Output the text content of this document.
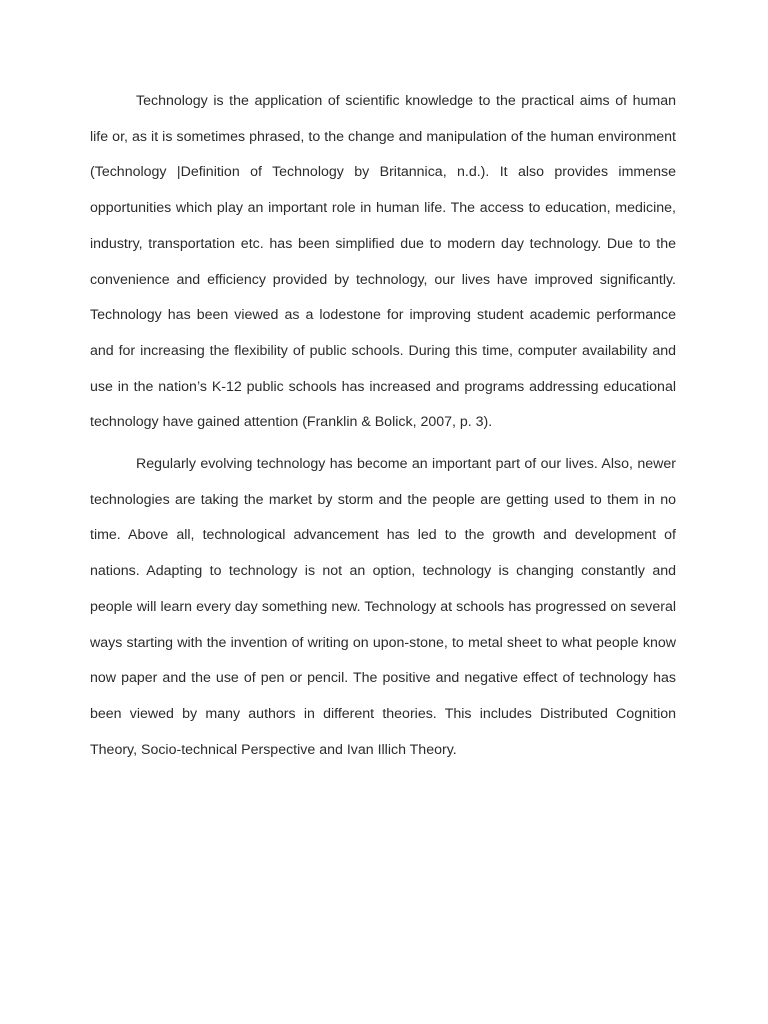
Technology is the application of scientific knowledge to the practical aims of human life or, as it is sometimes phrased, to the change and manipulation of the human environment (Technology |Definition of Technology by Britannica, n.d.). It also provides immense opportunities which play an important role in human life. The access to education, medicine, industry, transportation etc. has been simplified due to modern day technology. Due to the convenience and efficiency provided by technology, our lives have improved significantly. Technology has been viewed as a lodestone for improving student academic performance and for increasing the flexibility of public schools. During this time, computer availability and use in the nation’s K-12 public schools has increased and programs addressing educational technology have gained attention (Franklin & Bolick, 2007, p. 3).

Regularly evolving technology has become an important part of our lives. Also, newer technologies are taking the market by storm and the people are getting used to them in no time. Above all, technological advancement has led to the growth and development of nations. Adapting to technology is not an option, technology is changing constantly and people will learn every day something new. Technology at schools has progressed on several ways starting with the invention of writing on upon-stone, to metal sheet to what people know now paper and the use of pen or pencil. The positive and negative effect of technology has been viewed by many authors in different theories. This includes Distributed Cognition Theory, Socio-technical Perspective and Ivan Illich Theory.
